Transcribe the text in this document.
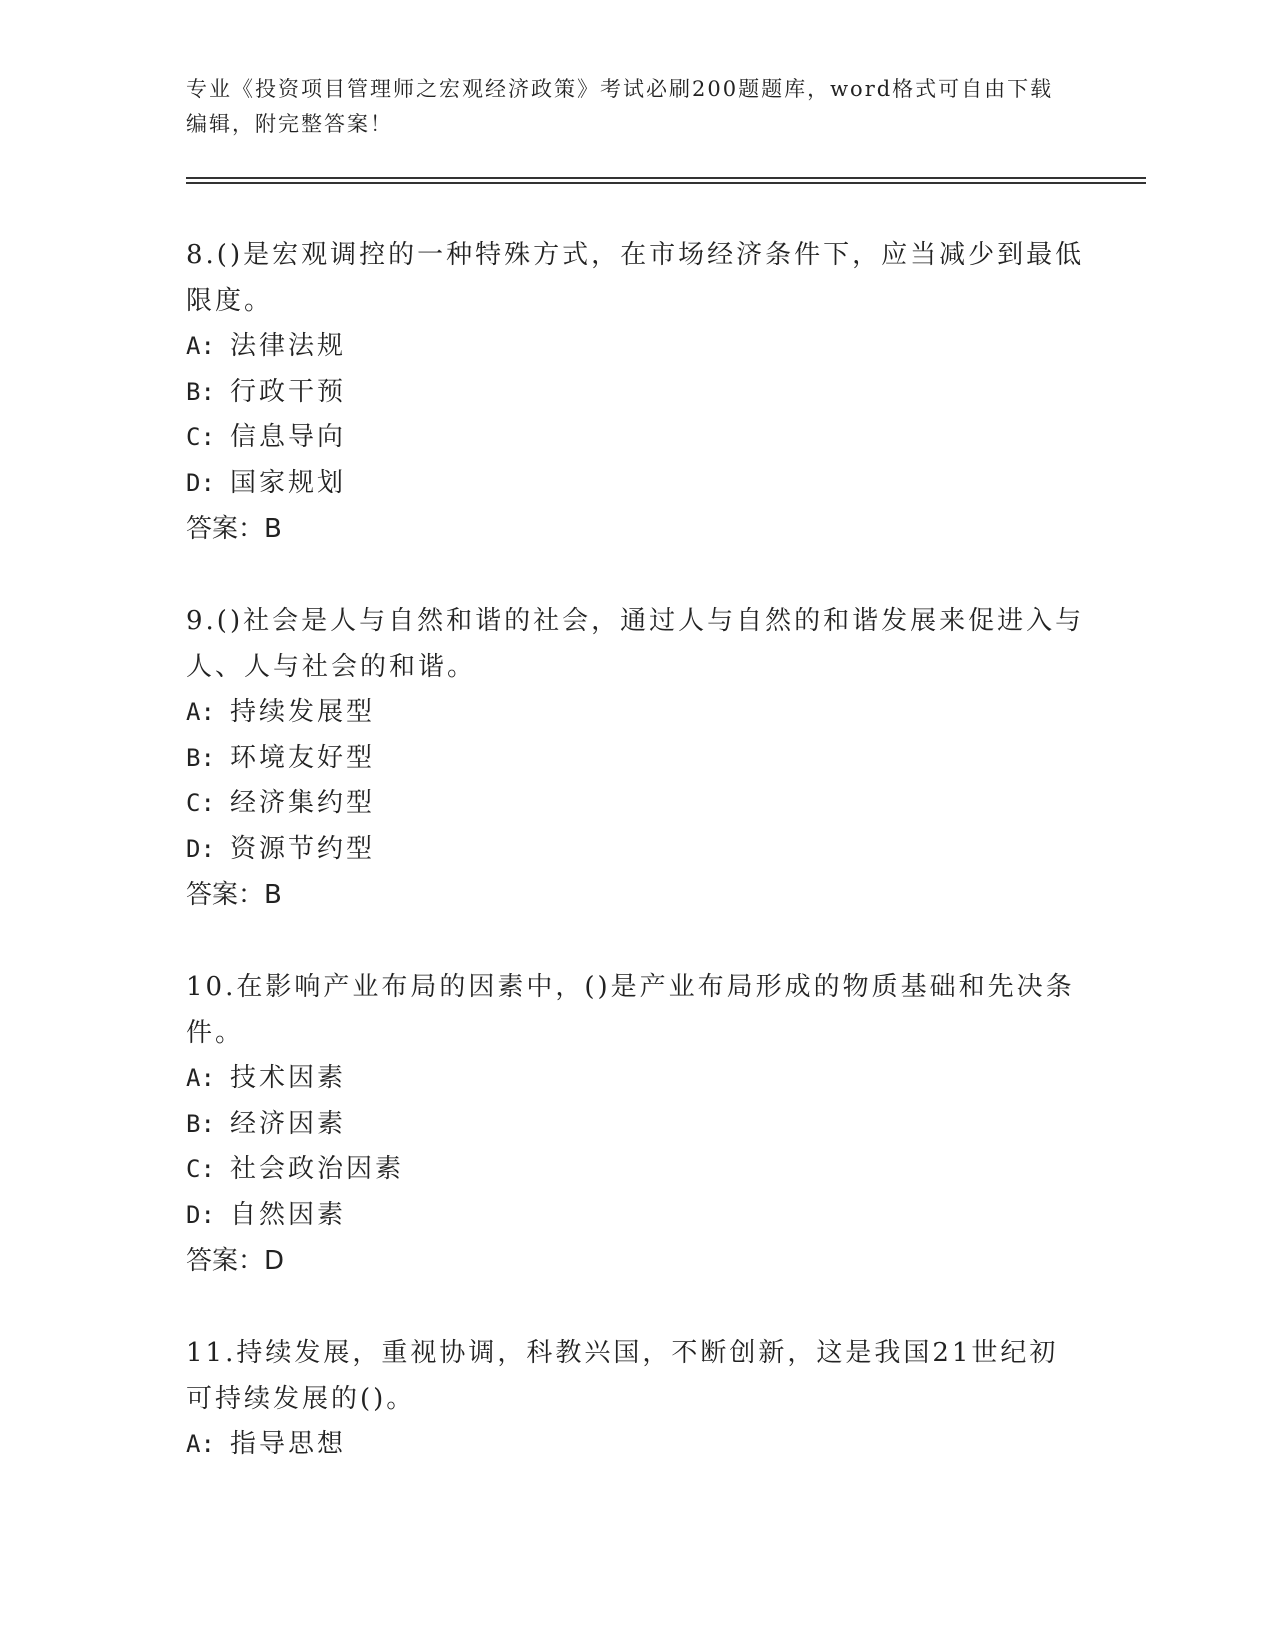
专业《投资项目管理师之宏观经济政策》考试必刷200题题库，word格式可自由下载编辑，附完整答案！

8.()是宏观调控的一种特殊方式，在市场经济条件下，应当减少到最低限度。

A: 法律法规

B: 行政干预

C: 信息导向

D: 国家规划

答案：B

9.()社会是人与自然和谐的社会，通过人与自然的和谐发展来促进入与人、人与社会的和谐。

A: 持续发展型

B: 环境友好型

C: 经济集约型

D: 资源节约型

答案：B

10.在影响产业布局的因素中，()是产业布局形成的物质基础和先决条件。

A: 技术因素

B: 经济因素

C: 社会政治因素

D: 自然因素

答案：D

11.持续发展，重视协调，科教兴国，不断创新，这是我国21世纪初可持续发展的()。

A: 指导思想
